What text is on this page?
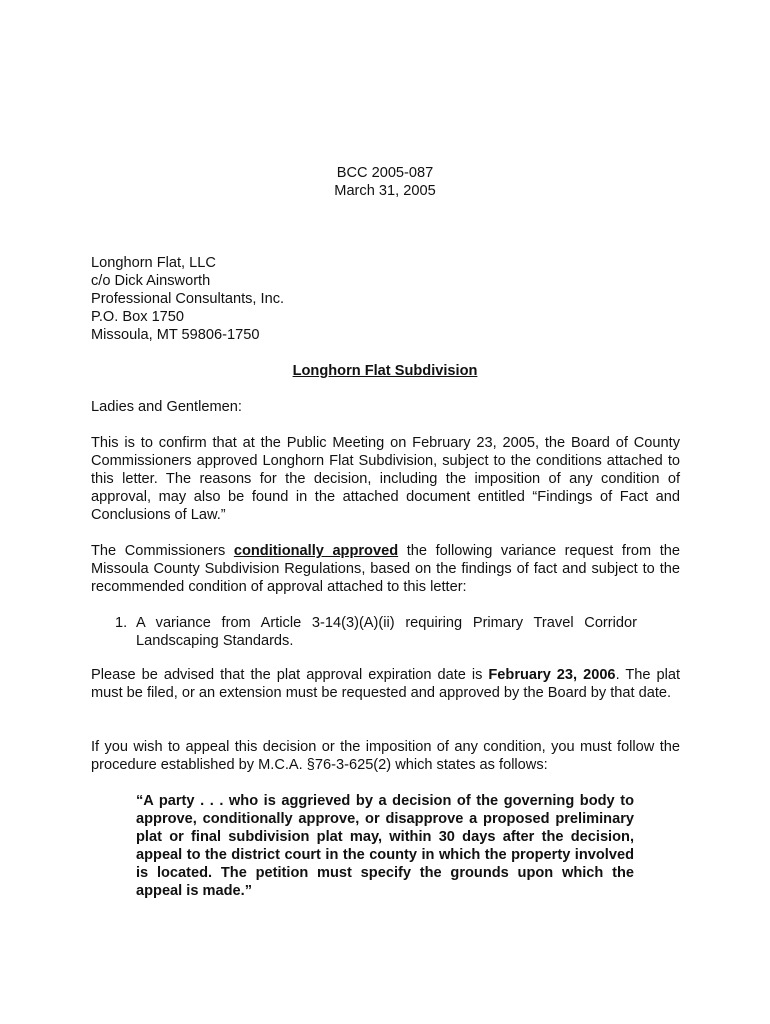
BCC 2005-087
March 31, 2005
Longhorn Flat, LLC
c/o Dick Ainsworth
Professional Consultants, Inc.
P.O. Box 1750
Missoula, MT 59806-1750
Longhorn Flat Subdivision
Ladies and Gentlemen:
This is to confirm that at the Public Meeting on February 23, 2005, the Board of County Commissioners approved Longhorn Flat Subdivision, subject to the conditions attached to this letter. The reasons for the decision, including the imposition of any condition of approval, may also be found in the attached document entitled “Findings of Fact and Conclusions of Law.”
The Commissioners conditionally approved the following variance request from the Missoula County Subdivision Regulations, based on the findings of fact and subject to the recommended condition of approval attached to this letter:
1. A variance from Article 3-14(3)(A)(ii) requiring Primary Travel Corridor Landscaping Standards.
Please be advised that the plat approval expiration date is February 23, 2006. The plat must be filed, or an extension must be requested and approved by the Board by that date.
If you wish to appeal this decision or the imposition of any condition, you must follow the procedure established by M.C.A. §76-3-625(2) which states as follows:
“A party . . . who is aggrieved by a decision of the governing body to approve, conditionally approve, or disapprove a proposed preliminary plat or final subdivision plat may, within 30 days after the decision, appeal to the district court in the county in which the property involved is located. The petition must specify the grounds upon which the appeal is made.”
